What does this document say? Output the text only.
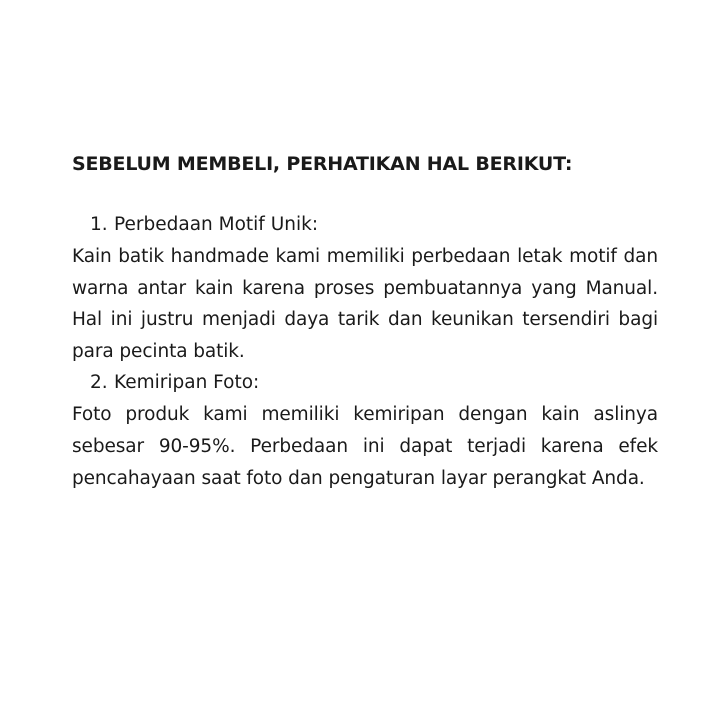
SEBELUM MEMBELI, PERHATIKAN HAL BERIKUT:
1. Perbedaan Motif Unik:

Kain batik handmade kami memiliki perbedaan letak motif dan warna antar kain karena proses pembuatannya yang Manual. Hal ini justru menjadi daya tarik dan keunikan tersendiri bagi para pecinta batik.

2. Kemiripan Foto:

Foto produk kami memiliki kemiripan dengan kain aslinya sebesar 90-95%. Perbedaan ini dapat terjadi karena efek pencahayaan saat foto dan pengaturan layar perangkat Anda.
